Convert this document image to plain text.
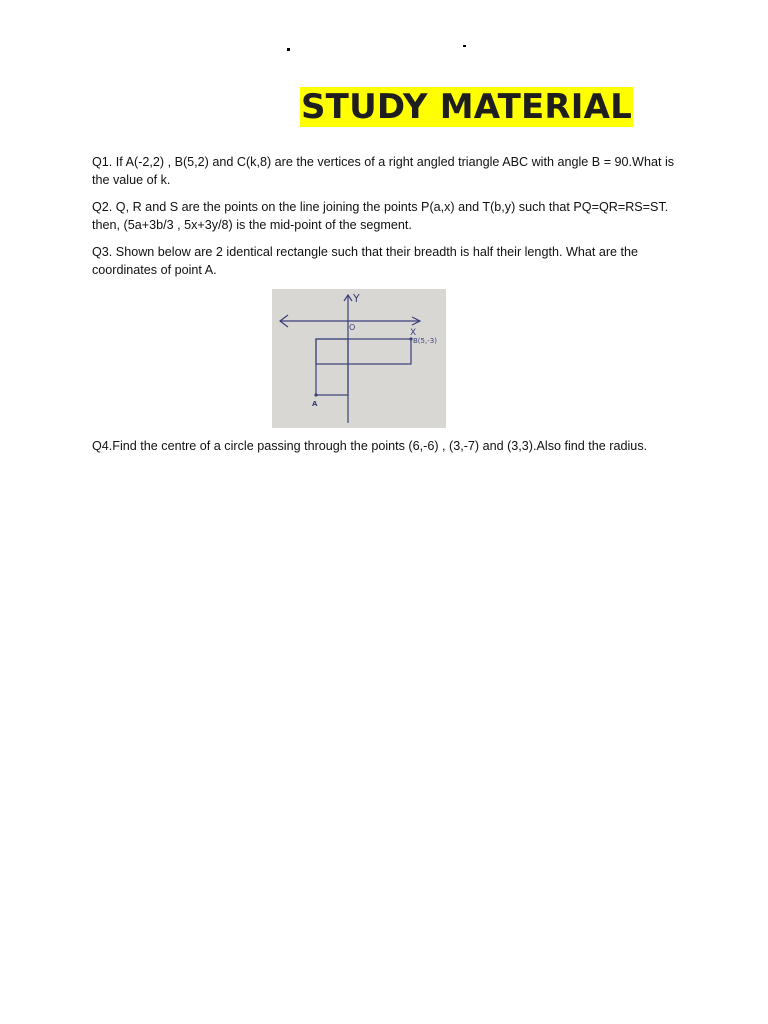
STUDY MATERIAL
Q1. If A(-2,2) , B(5,2) and C(k,8) are the vertices of a right angled triangle ABC with angle B = 90.What is the value of k.
Q2. Q, R and S are the points on the line joining the points P(a,x) and T(b,y) such that PQ=QR=RS=ST. then, (5a+3b/3 , 5x+3y/8) is the mid-point of the segment.
Q3. Shown below are 2 identical rectangle such that their breadth is half their length. What are the coordinates of point A.
Y
X
O
B(5,-3)
A
Q4.Find the centre of a circle passing through the points (6,-6) , (3,-7) and (3,3).Also find the radius.
